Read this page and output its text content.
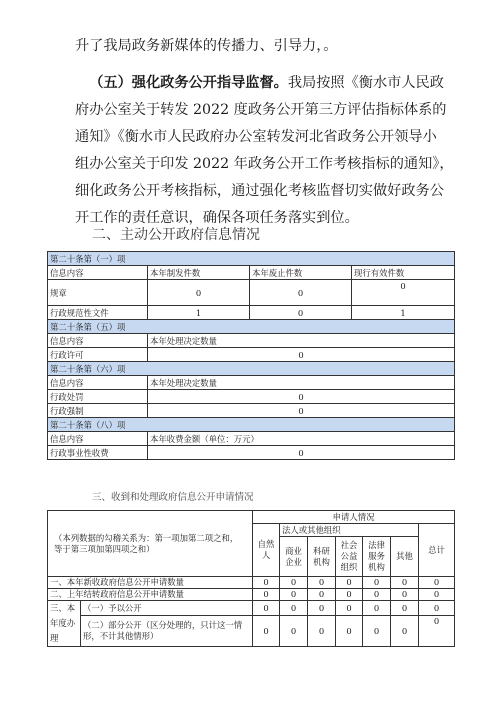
升了我局政务新媒体的传播力、引导力，。
 （五）强化政务公开指导监督。我局按照《衡水市人民政
府办公室关于转发 2022 度政务公开第三方评估指标体系的
通知》《衡水市人民政府办公室转发河北省政务公开领导小
组办公室关于印发 2022 年政务公开工作考核指标的通知》，
细化政务公开考核指标，通过强化考核监督切实做好政务公
开工作的责任意识，确保各项任务落实到位。
二、主动公开政府信息情况
第二十条第（一）项			
信息内容	本年制发件数	本年废止件数	现行有效件数
规章	0	0	0
行政规范性文件	1	0	1
第二十条第（五）项			
信息内容	本年处理决定数量		
行政许可	0		
第二十条第（六）项			
信息内容	本年处理决定数量		
行政处罚	0		
行政强制	0		
第二十条第（八）项			
信息内容	本年收费金额（单位：万元）		
行政事业性收费	0		
三、收到和处理政府信息公开申请情况
（本列数据的勾稽关系为：第一项加第二项之和，等于第三项加第四项之和）		申请人情况						
		自然人	法人或其他组织					总计
			商业企业	科研机构	社会公益组织	法律服务机构	其他	
一、本年新收政府信息公开申请数量		0	0	0	0	0	0	0
二、上年结转政府信息公开申请数量		0	0	0	0	0	0	0
三、本年度办理	（一）予以公开	0	0	0	0	0	0	0
	（二）部分公开（区分处理的，只计这一情形，不计其他情形）	0	0	0	0	0	0	0
